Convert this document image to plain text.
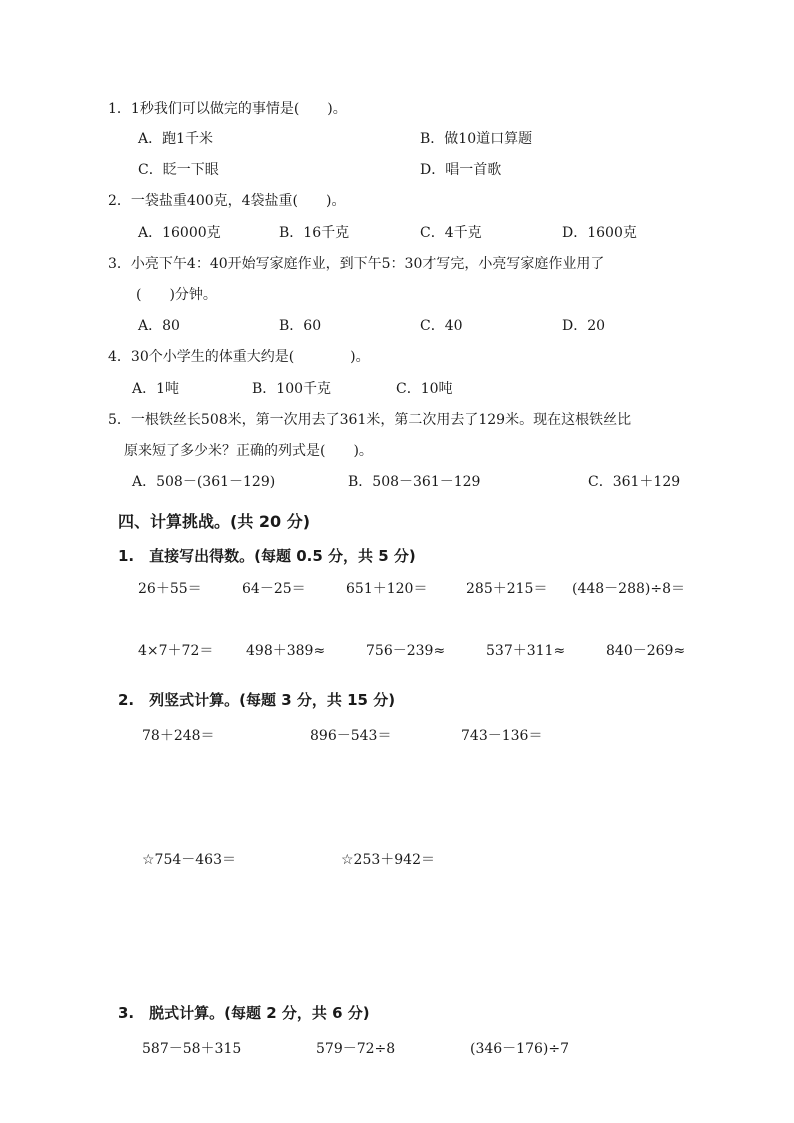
1．1秒我们可以做完的事情是(　　)。
A．跑1千米	B．做10道口算题
C．眨一下眼	D．唱一首歌
2．一袋盐重400克，4袋盐重(　　)。
A．16000克	B．16千克	C．4千克	D．1600克
3．小亮下午4：40开始写家庭作业，到下午5：30才写完，小亮写家庭作业用了
(　　)分钟。
A．80	B．60	C．40	D．20
4．30个小学生的体重大约是(　　　　)。
A．1吨	B．100千克	C．10吨
5．一根铁丝长508米，第一次用去了361米，第二次用去了129米。现在这根铁丝比
原来短了多少米？正确的列式是(　　)。
A．508－(361－129)	B．508－361－129	C．361＋129
四、计算挑战。(共 20 分)
1.　直接写出得数。(每题 0.5 分，共 5 分)
26＋55＝	64－25＝	651＋120＝	285＋215＝ (448－288)÷8＝
4×7＋72＝ 498＋389≈	756－239≈	537＋311≈	840－269≈
2.　列竖式计算。(每题 3 分，共 15 分)
78＋248＝	896－543＝	743－136＝
☆754－463＝	☆253＋942＝
3.　脱式计算。(每题 2 分，共 6 分)
587－58＋315	579－72÷8	(346－176)÷7
